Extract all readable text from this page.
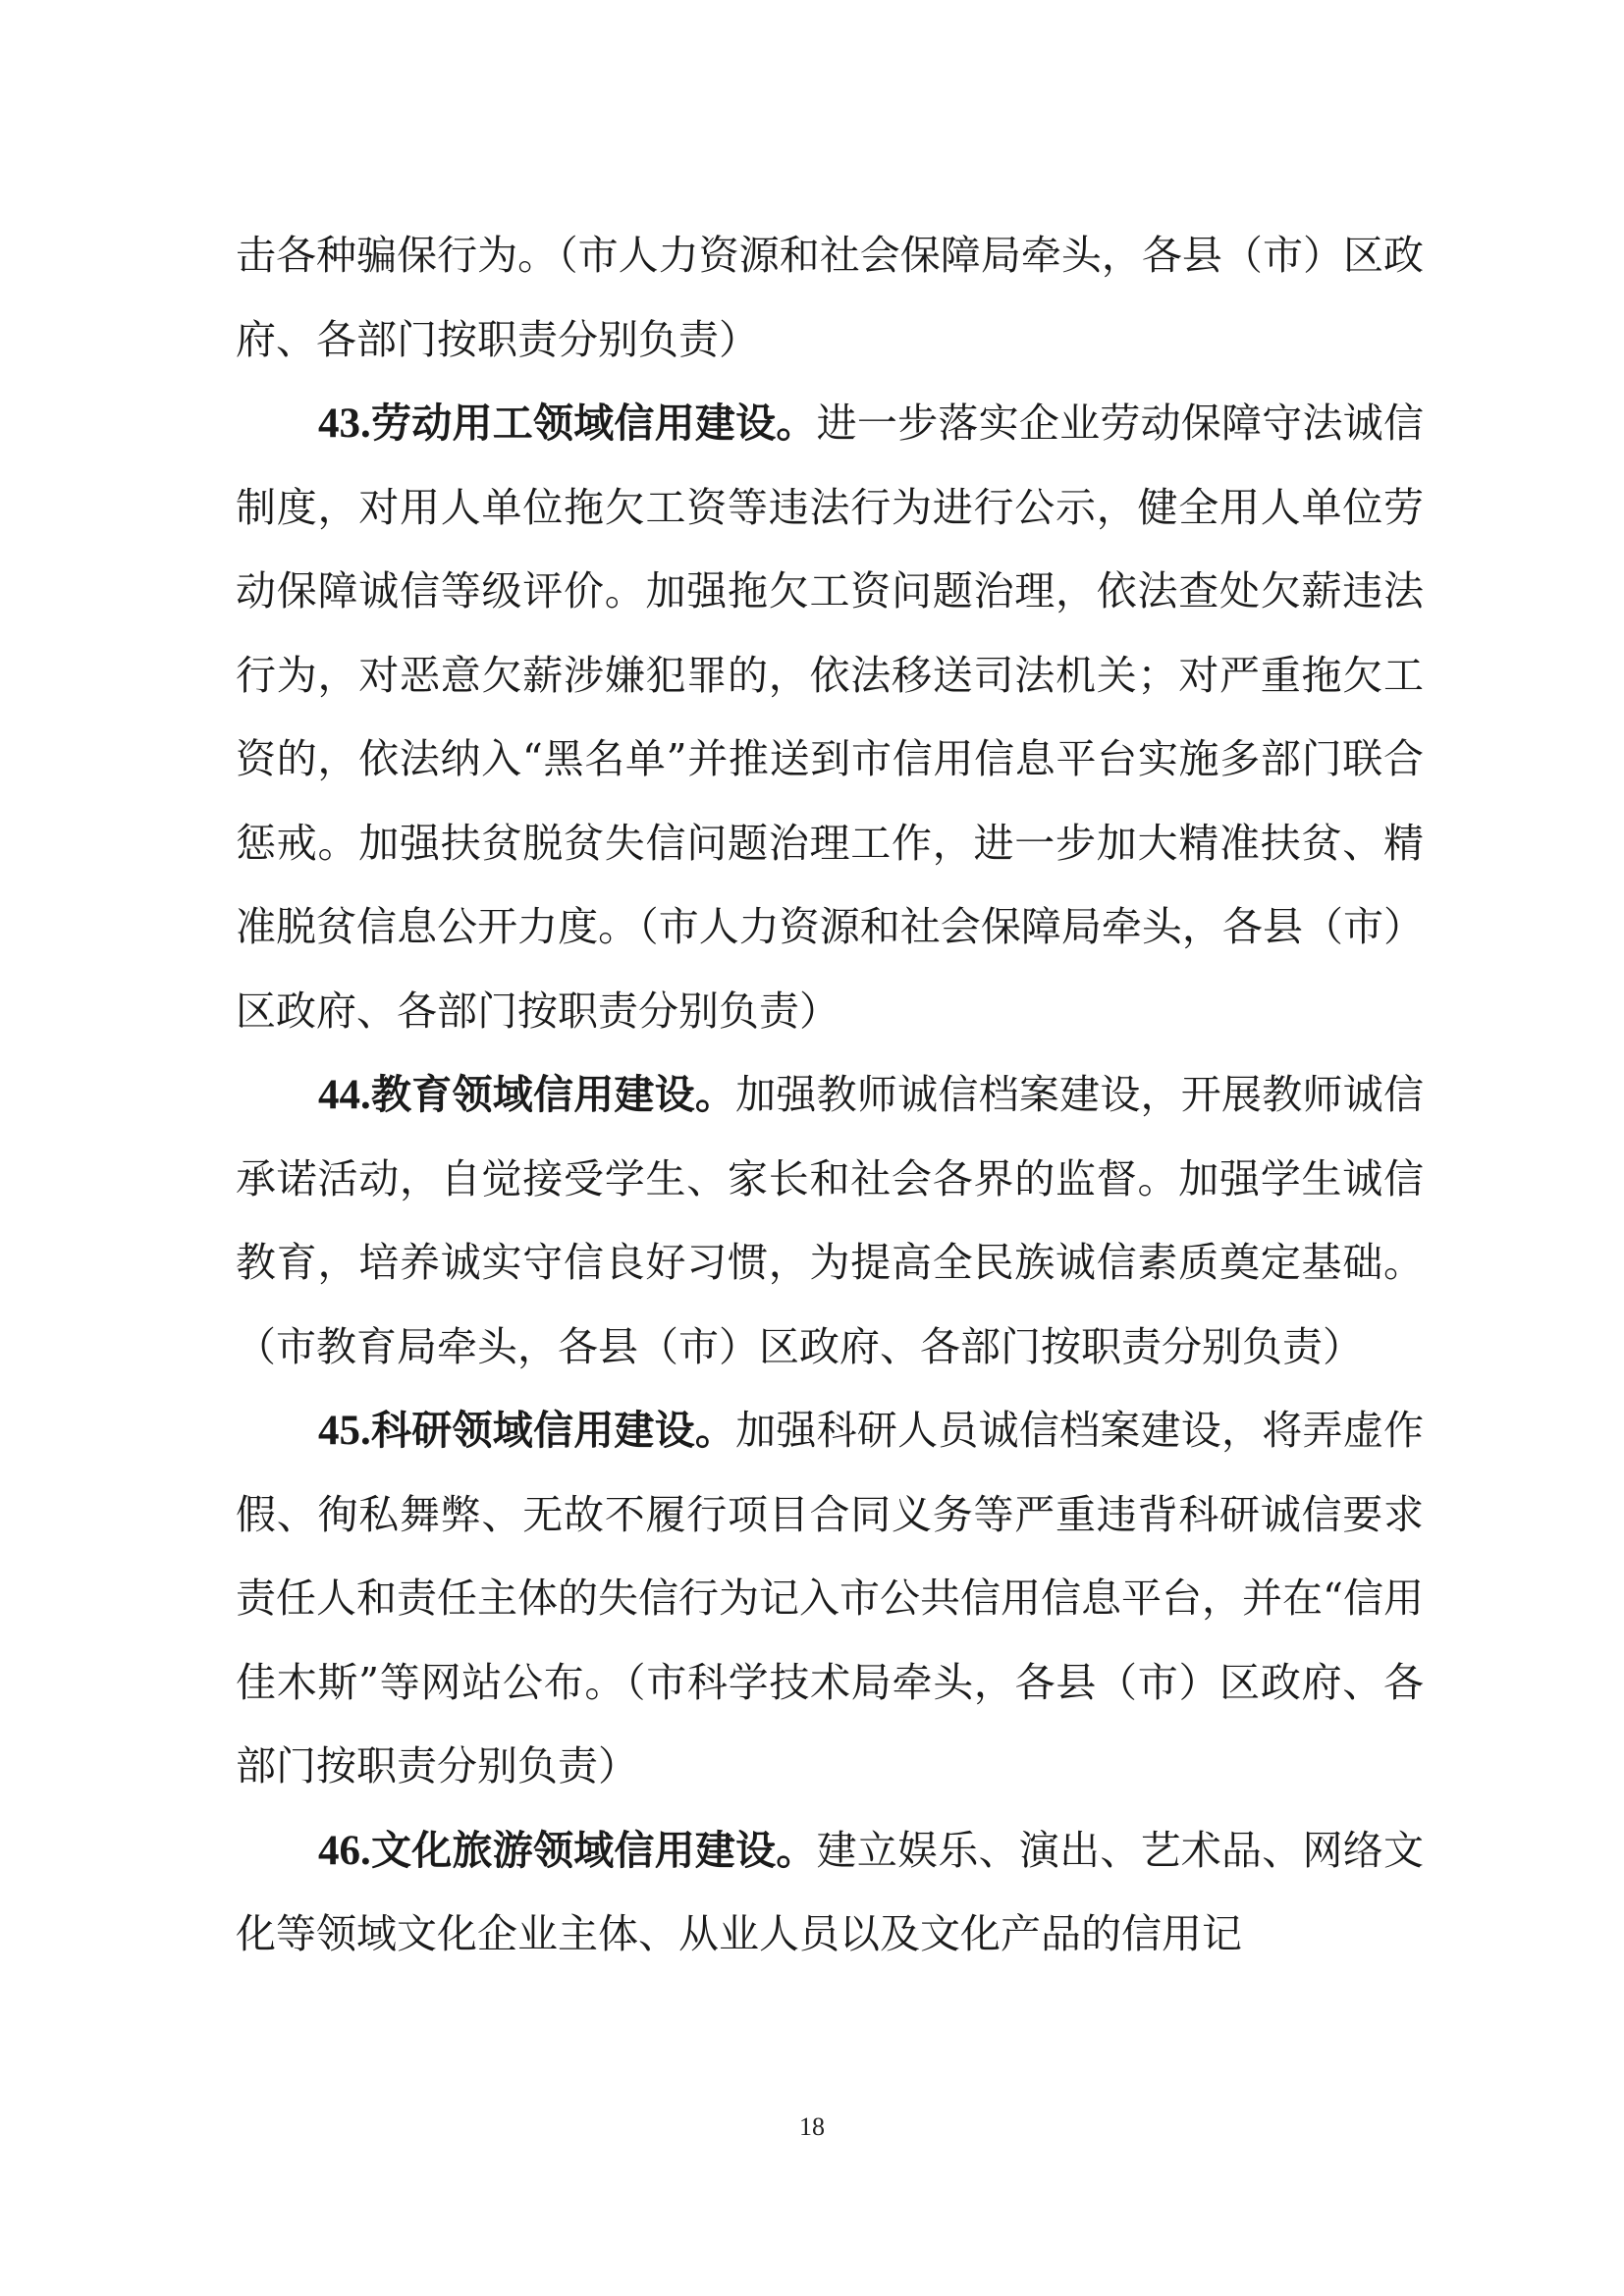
击各种骗保行为。（市人力资源和社会保障局牵头，各县（市）区政府、各部门按职责分别负责）

43.劳动用工领域信用建设。进一步落实企业劳动保障守法诚信制度，对用人单位拖欠工资等违法行为进行公示，健全用人单位劳动保障诚信等级评价。加强拖欠工资问题治理，依法查处欠薪违法行为，对恶意欠薪涉嫌犯罪的，依法移送司法机关；对严重拖欠工资的，依法纳入“黑名单”并推送到市信用信息平台实施多部门联合惩戒。加强扶贫脱贫失信问题治理工作，进一步加大精准扶贫、精准脱贫信息公开力度。（市人力资源和社会保障局牵头，各县（市）区政府、各部门按职责分别负责）

44.教育领域信用建设。加强教师诚信档案建设，开展教师诚信承诺活动，自觉接受学生、家长和社会各界的监督。加强学生诚信教育，培养诚实守信良好习惯，为提高全民族诚信素质奠定基础。（市教育局牵头，各县（市）区政府、各部门按职责分别负责）

45.科研领域信用建设。加强科研人员诚信档案建设，将弄虚作假、徇私舞弊、无故不履行项目合同义务等严重违背科研诚信要求责任人和责任主体的失信行为记入市公共信用信息平台，并在“信用佳木斯”等网站公布。（市科学技术局牵头，各县（市）区政府、各部门按职责分别负责）

46.文化旅游领域信用建设。建立娱乐、演出、艺术品、网络文化等领域文化企业主体、从业人员以及文化产品的信用记

18
